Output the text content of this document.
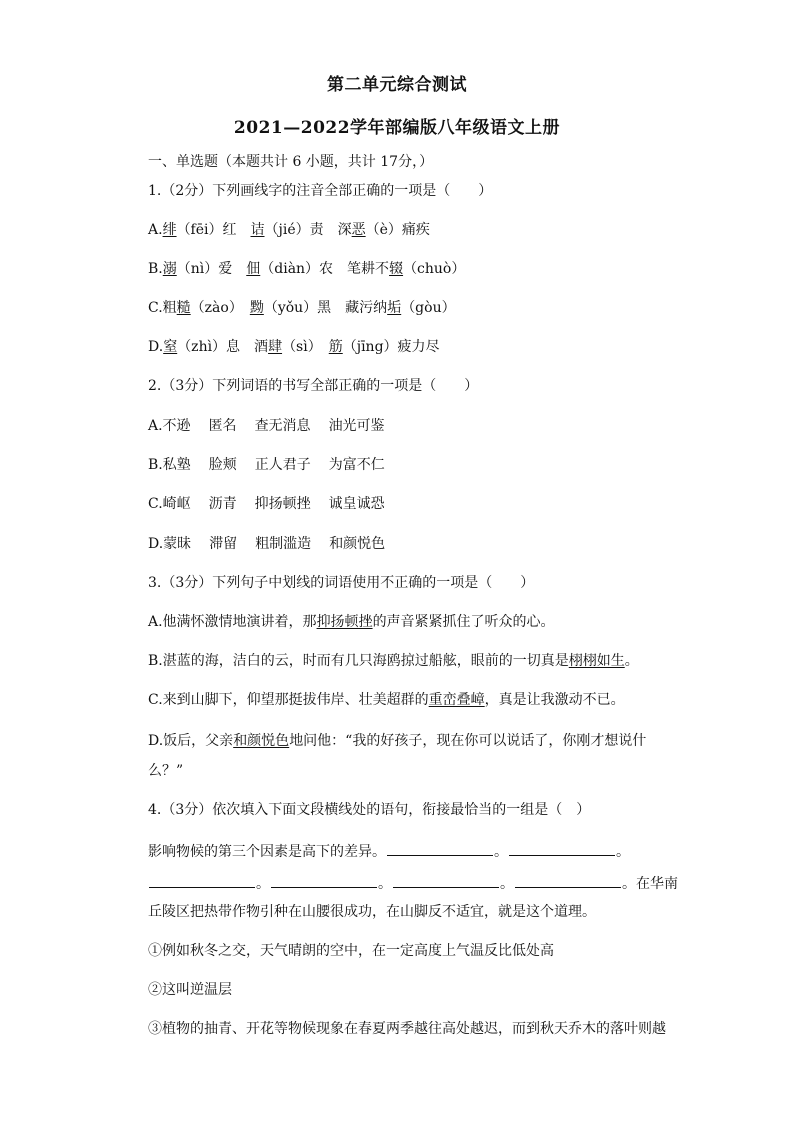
第二单元综合测试
2021—2022学年部编版八年级语文上册
一、单选题（本题共计 6 小题，共计 17分，）
1.（2分）下列画线字的注音全部正确的一项是（　　）
A.绯（fēi）红　诘（jié）责　深恶（è）痛疾
B.溺（nì）爱　佃（diàn）农　笔耕不辍（chuò）
C.粗糙（zào）　黝（yǒu）黑　藏污纳垢（gòu）
D.窒（zhì）息　酒肆（sì）　筋（jīng）疲力尽
2.（3分）下列词语的书写全部正确的一项是（　　）
A.不逊 匿名 查无消息 油光可鉴
B.私塾 脸颊 正人君子 为富不仁
C.崎岖 沥青 抑扬顿挫 诚皇诚恐
D.蒙昧 滞留 粗制滥造 和颜悦色
3.（3分）下列句子中划线的词语使用不正确的一项是（　　）
A.他满怀激情地演讲着，那抑扬顿挫的声音紧紧抓住了听众的心。
B.湛蓝的海，洁白的云，时而有几只海鸥掠过船舷，眼前的一切真是栩栩如生。
C.来到山脚下，仰望那挺拔伟岸、壮美超群的重峦叠嶂，真是让我激动不已。
D.饭后，父亲和颜悦色地问他：“我的好孩子，现在你可以说话了，你刚才想说什
么？”
4.（3分）依次填入下面文段横线处的语句，衔接最恰当的一组是（　）
影响物候的第三个因素是高下的差异。	。	。
。	。	。	。在华南
丘陵区把热带作物引种在山腰很成功，在山脚反不适宜，就是这个道理。
①例如秋冬之交，天气晴朗的空中，在一定高度上气温反比低处高
②这叫逆温层
③植物的抽青、开花等物候现象在春夏两季越往高处越迟，而到秋天乔木的落叶则越
